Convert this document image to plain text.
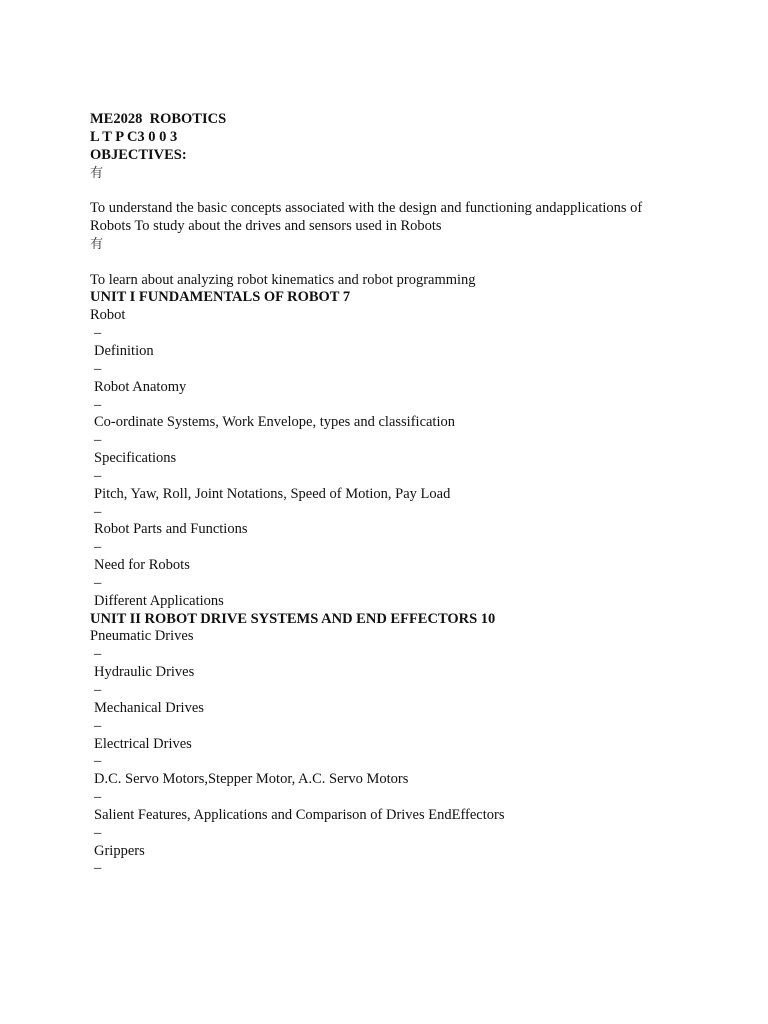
ME2028  ROBOTICS
L T P C3 0 0 3
OBJECTIVES:
有
To understand the basic concepts associated with the design and functioning andapplications of
Robots To study about the drives and sensors used in Robots
有
To learn about analyzing robot kinematics and robot programming
UNIT I FUNDAMENTALS OF ROBOT 7
Robot
–
Definition
–
Robot Anatomy
–
Co-ordinate Systems, Work Envelope, types and classification
–
Specifications
–
Pitch, Yaw, Roll, Joint Notations, Speed of Motion, Pay Load
–
Robot Parts and Functions
–
Need for Robots
–
Different Applications
UNIT II ROBOT DRIVE SYSTEMS AND END EFFECTORS 10
Pneumatic Drives
–
Hydraulic Drives
–
Mechanical Drives
–
Electrical Drives
–
D.C. Servo Motors,Stepper Motor, A.C. Servo Motors
–
Salient Features, Applications and Comparison of Drives EndEffectors
–
Grippers
–
